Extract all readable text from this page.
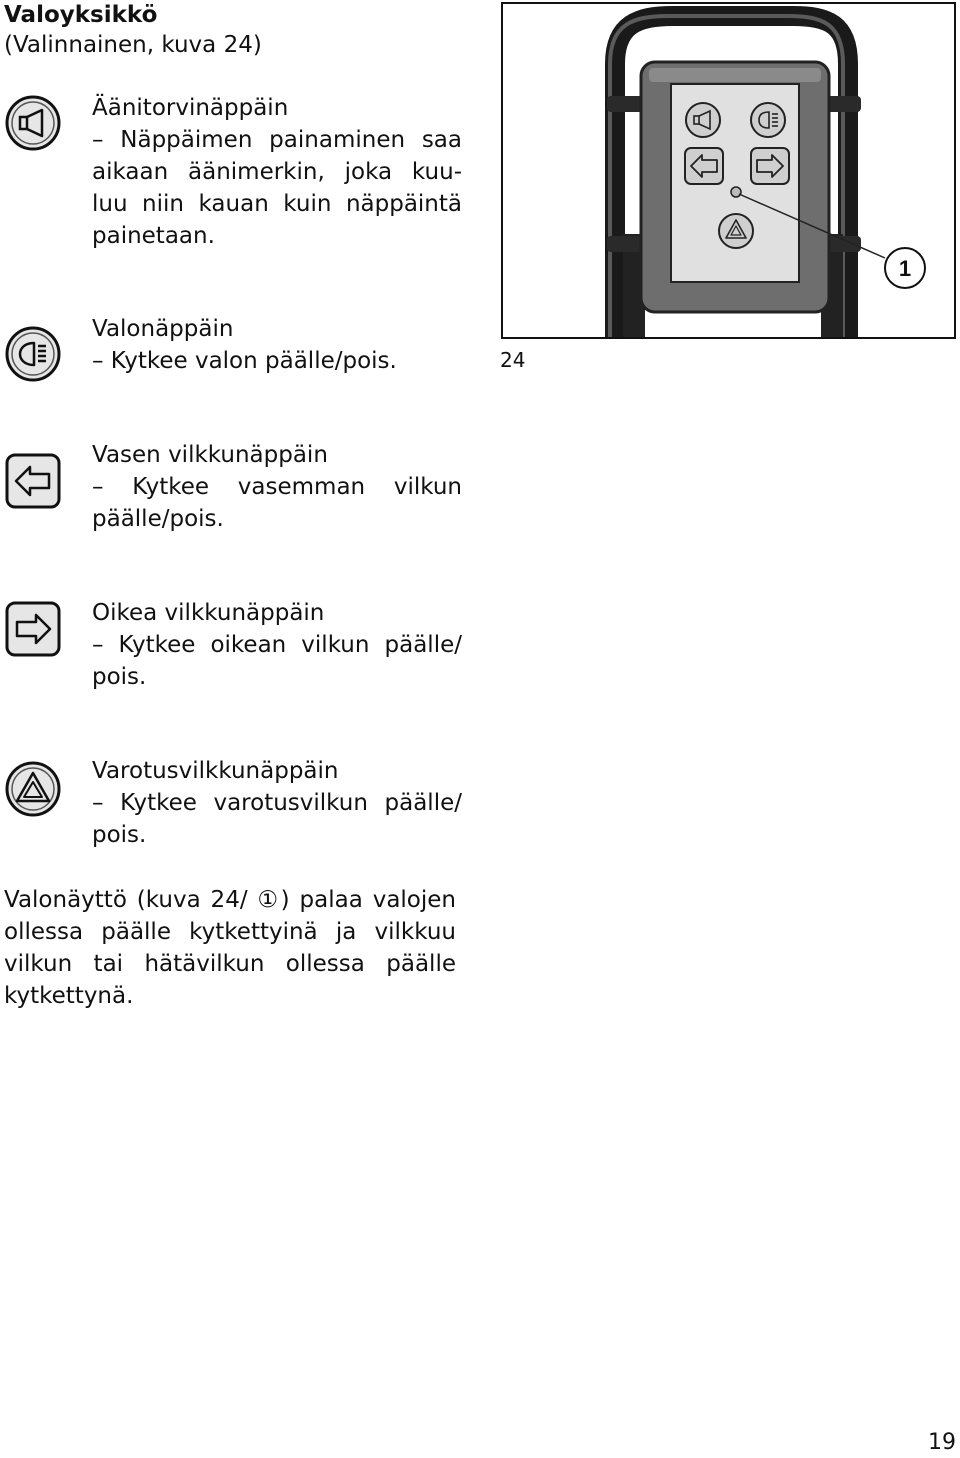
Valoyksikkö
(Valinnainen, kuva 24)
Äänitorvinäppäin
– Näppäimen painaminen saa
aikaan äänimerkin, joka kuu-
luu niin kauan kuin näppäintä
painetaan.
Valonäppäin
– Kytkee valon päälle/pois.
Vasen vilkkunäppäin
– Kytkee vasemman vilkun
päälle/pois.
Oikea vilkkunäppäin
– Kytkee oikean vilkun päälle/
pois.
Varotusvilkkunäppäin
– Kytkee varotusvilkun päälle/
pois.
1
24
Valonäyttö (kuva 24/ ①) palaa valojen
ollessa päälle kytkettyinä ja vilkkuu
vilkun tai hätävilkun ollessa päälle
kytkettynä.
19
